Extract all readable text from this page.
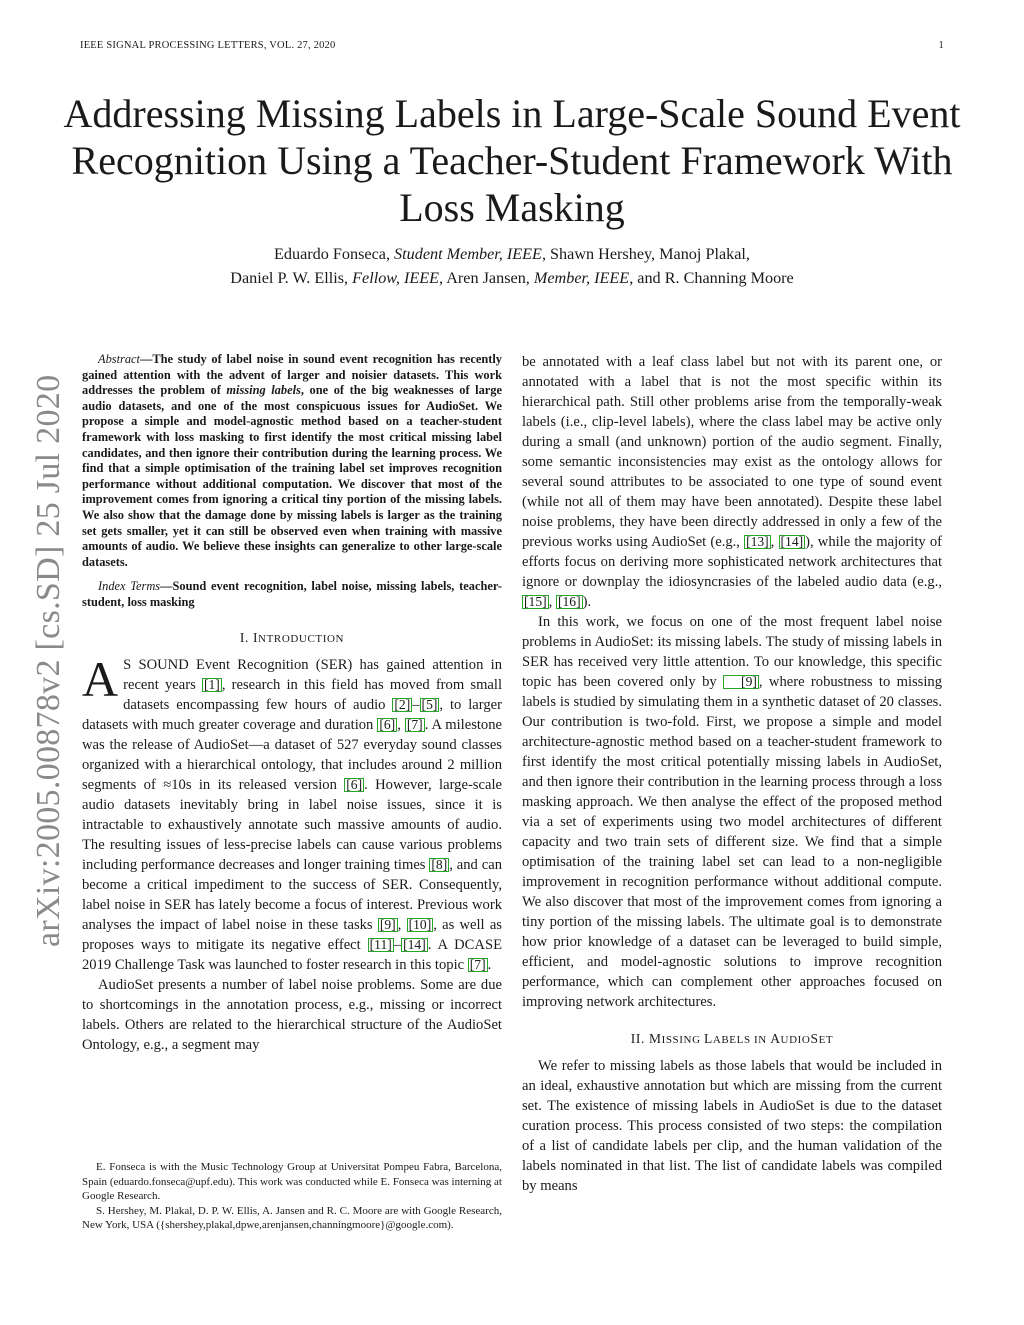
IEEE SIGNAL PROCESSING LETTERS, VOL. 27, 2020	1
arXiv:2005.00878v2 [cs.SD] 25 Jul 2020
Addressing Missing Labels in Large-Scale Sound Event Recognition Using a Teacher-Student Framework With Loss Masking
Eduardo Fonseca, Student Member, IEEE, Shawn Hershey, Manoj Plakal,
Daniel P. W. Ellis, Fellow, IEEE, Aren Jansen, Member, IEEE, and R. Channing Moore

Abstract—The study of label noise in sound event recognition has recently gained attention with the advent of larger and noisier datasets. This work addresses the problem of missing labels, one of the big weaknesses of large audio datasets, and one of the most conspicuous issues for AudioSet. We propose a simple and model-agnostic method based on a teacher-student framework with loss masking to first identify the most critical missing label candidates, and then ignore their contribution during the learning process. We find that a simple optimisation of the training label set improves recognition performance without additional computation. We discover that most of the improvement comes from ignoring a critical tiny portion of the missing labels. We also show that the damage done by missing labels is larger as the training set gets smaller, yet it can still be observed even when training with massive amounts of audio. We believe these insights can generalize to other large-scale datasets.

Index Terms—Sound event recognition, label noise, missing labels, teacher-student, loss masking
I. INTRODUCTION

A S SOUND Event Recognition (SER) has gained attention in recent years [1] , research in this field has moved from small datasets encompassing few hours of audio [2] – [5] , to larger datasets with much greater coverage and duration [6] , [7] . A milestone was the release of AudioSet—a dataset of 527 everyday sound classes organized with a hierarchical ontology, that includes around 2 million segments of ≈10s in its released version [6] . However, large-scale audio datasets inevitably bring in label noise issues, since it is intractable to exhaustively annotate such massive amounts of audio. The resulting issues of less-precise labels can cause various problems including performance decreases and longer training times [8] , and can become a critical impediment to the success of SER. Consequently, label noise in SER has lately become a focus of interest. Previous work analyses the impact of label noise in these tasks [9] , [10] , as well as proposes ways to mitigate its negative effect [11] – [14] . A DCASE 2019 Challenge Task was launched to foster research in this topic [7] .

AudioSet presents a number of label noise problems. Some are due to shortcomings in the annotation process, e.g., missing or incorrect labels. Others are related to the hierarchical structure of the AudioSet Ontology, e.g., a segment may

E. Fonseca is with the Music Technology Group at Universitat Pompeu Fabra, Barcelona, Spain (eduardo.fonseca@upf.edu). This work was conducted while E. Fonseca was interning at Google Research.

S. Hershey, M. Plakal, D. P. W. Ellis, A. Jansen and R. C. Moore are with Google Research, New York, USA ({shershey,plakal,dpwe,arenjansen,channingmoore}@google.com).

be annotated with a leaf class label but not with its parent one, or annotated with a label that is not the most specific within its hierarchical path. Still other problems arise from the temporally-weak labels (i.e., clip-level labels), where the class label may be active only during a small (and unknown) portion of the audio segment. Finally, some semantic inconsistencies may exist as the ontology allows for several sound attributes to be associated to one type of sound event (while not all of them may have been annotated). Despite these label noise problems, they have been directly addressed in only a few of the previous works using AudioSet (e.g., [13] , [14] ), while the majority of efforts focus on deriving more sophisticated network architectures that ignore or downplay the idiosyncrasies of the labeled audio data (e.g., [15] , [16] ).

In this work, we focus on one of the most frequent label noise problems in AudioSet: its missing labels. The study of missing labels in SER has received very little attention. To our knowledge, this specific topic has been covered only by [9] , where robustness to missing labels is studied by simulating them in a synthetic dataset of 20 classes. Our contribution is two-fold. First, we propose a simple and model architecture-agnostic method based on a teacher-student framework to first identify the most critical potentially missing labels in AudioSet, and then ignore their contribution in the learning process through a loss masking approach. We then analyse the effect of the proposed method via a set of experiments using two model architectures of different capacity and two train sets of different size. We find that a simple optimisation of the training label set can lead to a non-negligible improvement in recognition performance without additional compute. We also discover that most of the improvement comes from ignoring a tiny portion of the missing labels. The ultimate goal is to demonstrate how prior knowledge of a dataset can be leveraged to build simple, efficient, and model-agnostic solutions to improve recognition performance, which can complement other approaches focused on improving network architectures.

II. MISSING LABELS IN AUDIOSET

We refer to missing labels as those labels that would be included in an ideal, exhaustive annotation but which are missing from the current set. The existence of missing labels in AudioSet is due to the dataset curation process. This process consisted of two steps: the compilation of a list of candidate labels per clip, and the human validation of the labels nominated in that list. The list of candidate labels was compiled by means
